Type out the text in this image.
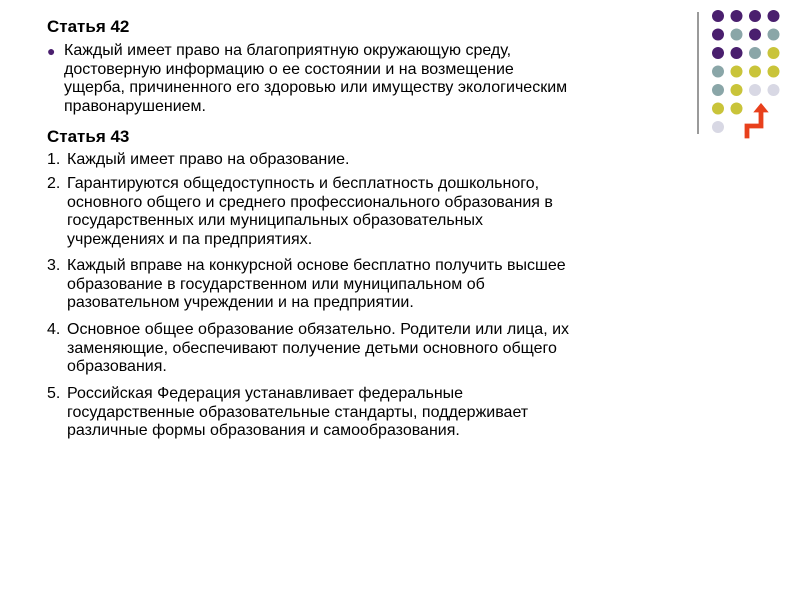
Статья 42
● Каждый имеет право на благоприятную окружающую среду,
достоверную информацию о ее состоянии и на возмещение
ущерба, причиненного его здоровью или имуществу экологическим
правонарушением.
Статья 43
1. Каждый имеет право на образование.
2. Гарантируются общедоступность и бесплатность дошкольного,
основного общего и среднего профессионального образования в
государственных или муниципальных образовательных
учреждениях и па предприятиях.
3. Каждый вправе на конкурсной основе бесплатно получить высшее
образование в государственном или муниципальном об
разовательном учреждении и на предприятии.
4. Основное общее образование обязательно. Родители или лица, их
заменяющие, обеспечивают получение детьми основного общего
образования.
5. Российская Федерация устанавливает федеральные
государственные образовательные стандарты, поддерживает
различные формы образования и самообразования.
